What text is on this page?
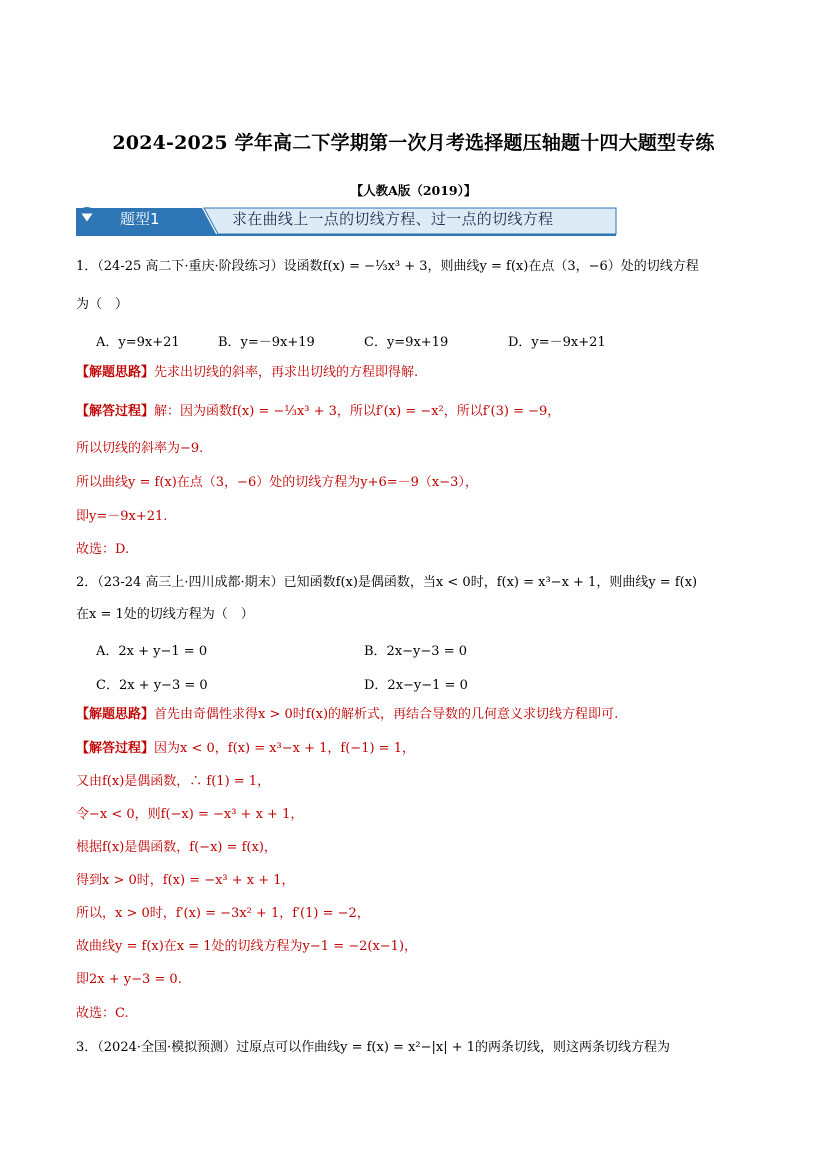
2024-2025 学年高二下学期第一次月考选择题压轴题十四大题型专练
【人教A版（2019）】
题型1	求在曲线上一点的切线方程、过一点的切线方程
1．（24-25 高二下·重庆·阶段练习）设函数f(x) = −⅓x³ + 3，则曲线y = f(x)在点（3，−6）处的切线方程
为（　）
A．y=9x+21	B．y=－9x+19	C．y=9x+19	D．y=－9x+21
【解题思路】先求出切线的斜率，再求出切线的方程即得解.
【解答过程】解：因为函数f(x) = −⅓x³ + 3，所以f′(x) = −x²，所以f′(3) = −9，
所以切线的斜率为−9.
所以曲线y = f(x)在点（3，−6）处的切线方程为y+6=－9（x−3），
即y=－9x+21.
故选：D.
2．（23-24 高三上·四川成都·期末）已知函数f(x)是偶函数，当x < 0时，f(x) = x³−x + 1，则曲线y = f(x)
在x = 1处的切线方程为（　）
A．2x + y−1 = 0	B．2x−y−3 = 0
C．2x + y−3 = 0	D．2x−y−1 = 0
【解题思路】首先由奇偶性求得x > 0时f(x)的解析式，再结合导数的几何意义求切线方程即可.
【解答过程】因为x < 0，f(x) = x³−x + 1，f(−1) = 1，
又由f(x)是偶函数，∴ f(1) = 1，
令−x < 0，则f(−x) = −x³ + x + 1，
根据f(x)是偶函数，f(−x) = f(x)，
得到x > 0时，f(x) = −x³ + x + 1，
所以，x > 0时，f′(x) = −3x² + 1，f′(1) = −2，
故曲线y = f(x)在x = 1处的切线方程为y−1 = −2(x−1)，
即2x + y−3 = 0.
故选：C.
3．（2024·全国·模拟预测）过原点可以作曲线y = f(x) = x²−|x| + 1的两条切线，则这两条切线方程为
